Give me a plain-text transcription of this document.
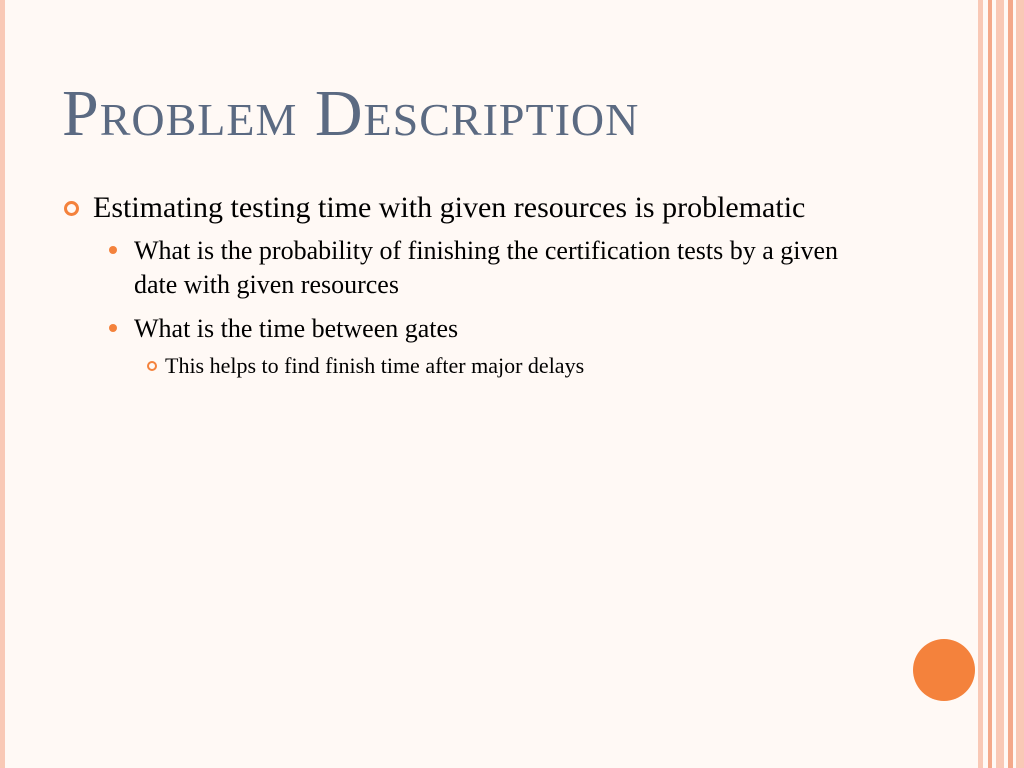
Problem Description
Estimating testing time with given resources is problematic
What is the probability of finishing the certification tests by a given date with given resources
What is the time between gates
This helps to find finish time after major delays
